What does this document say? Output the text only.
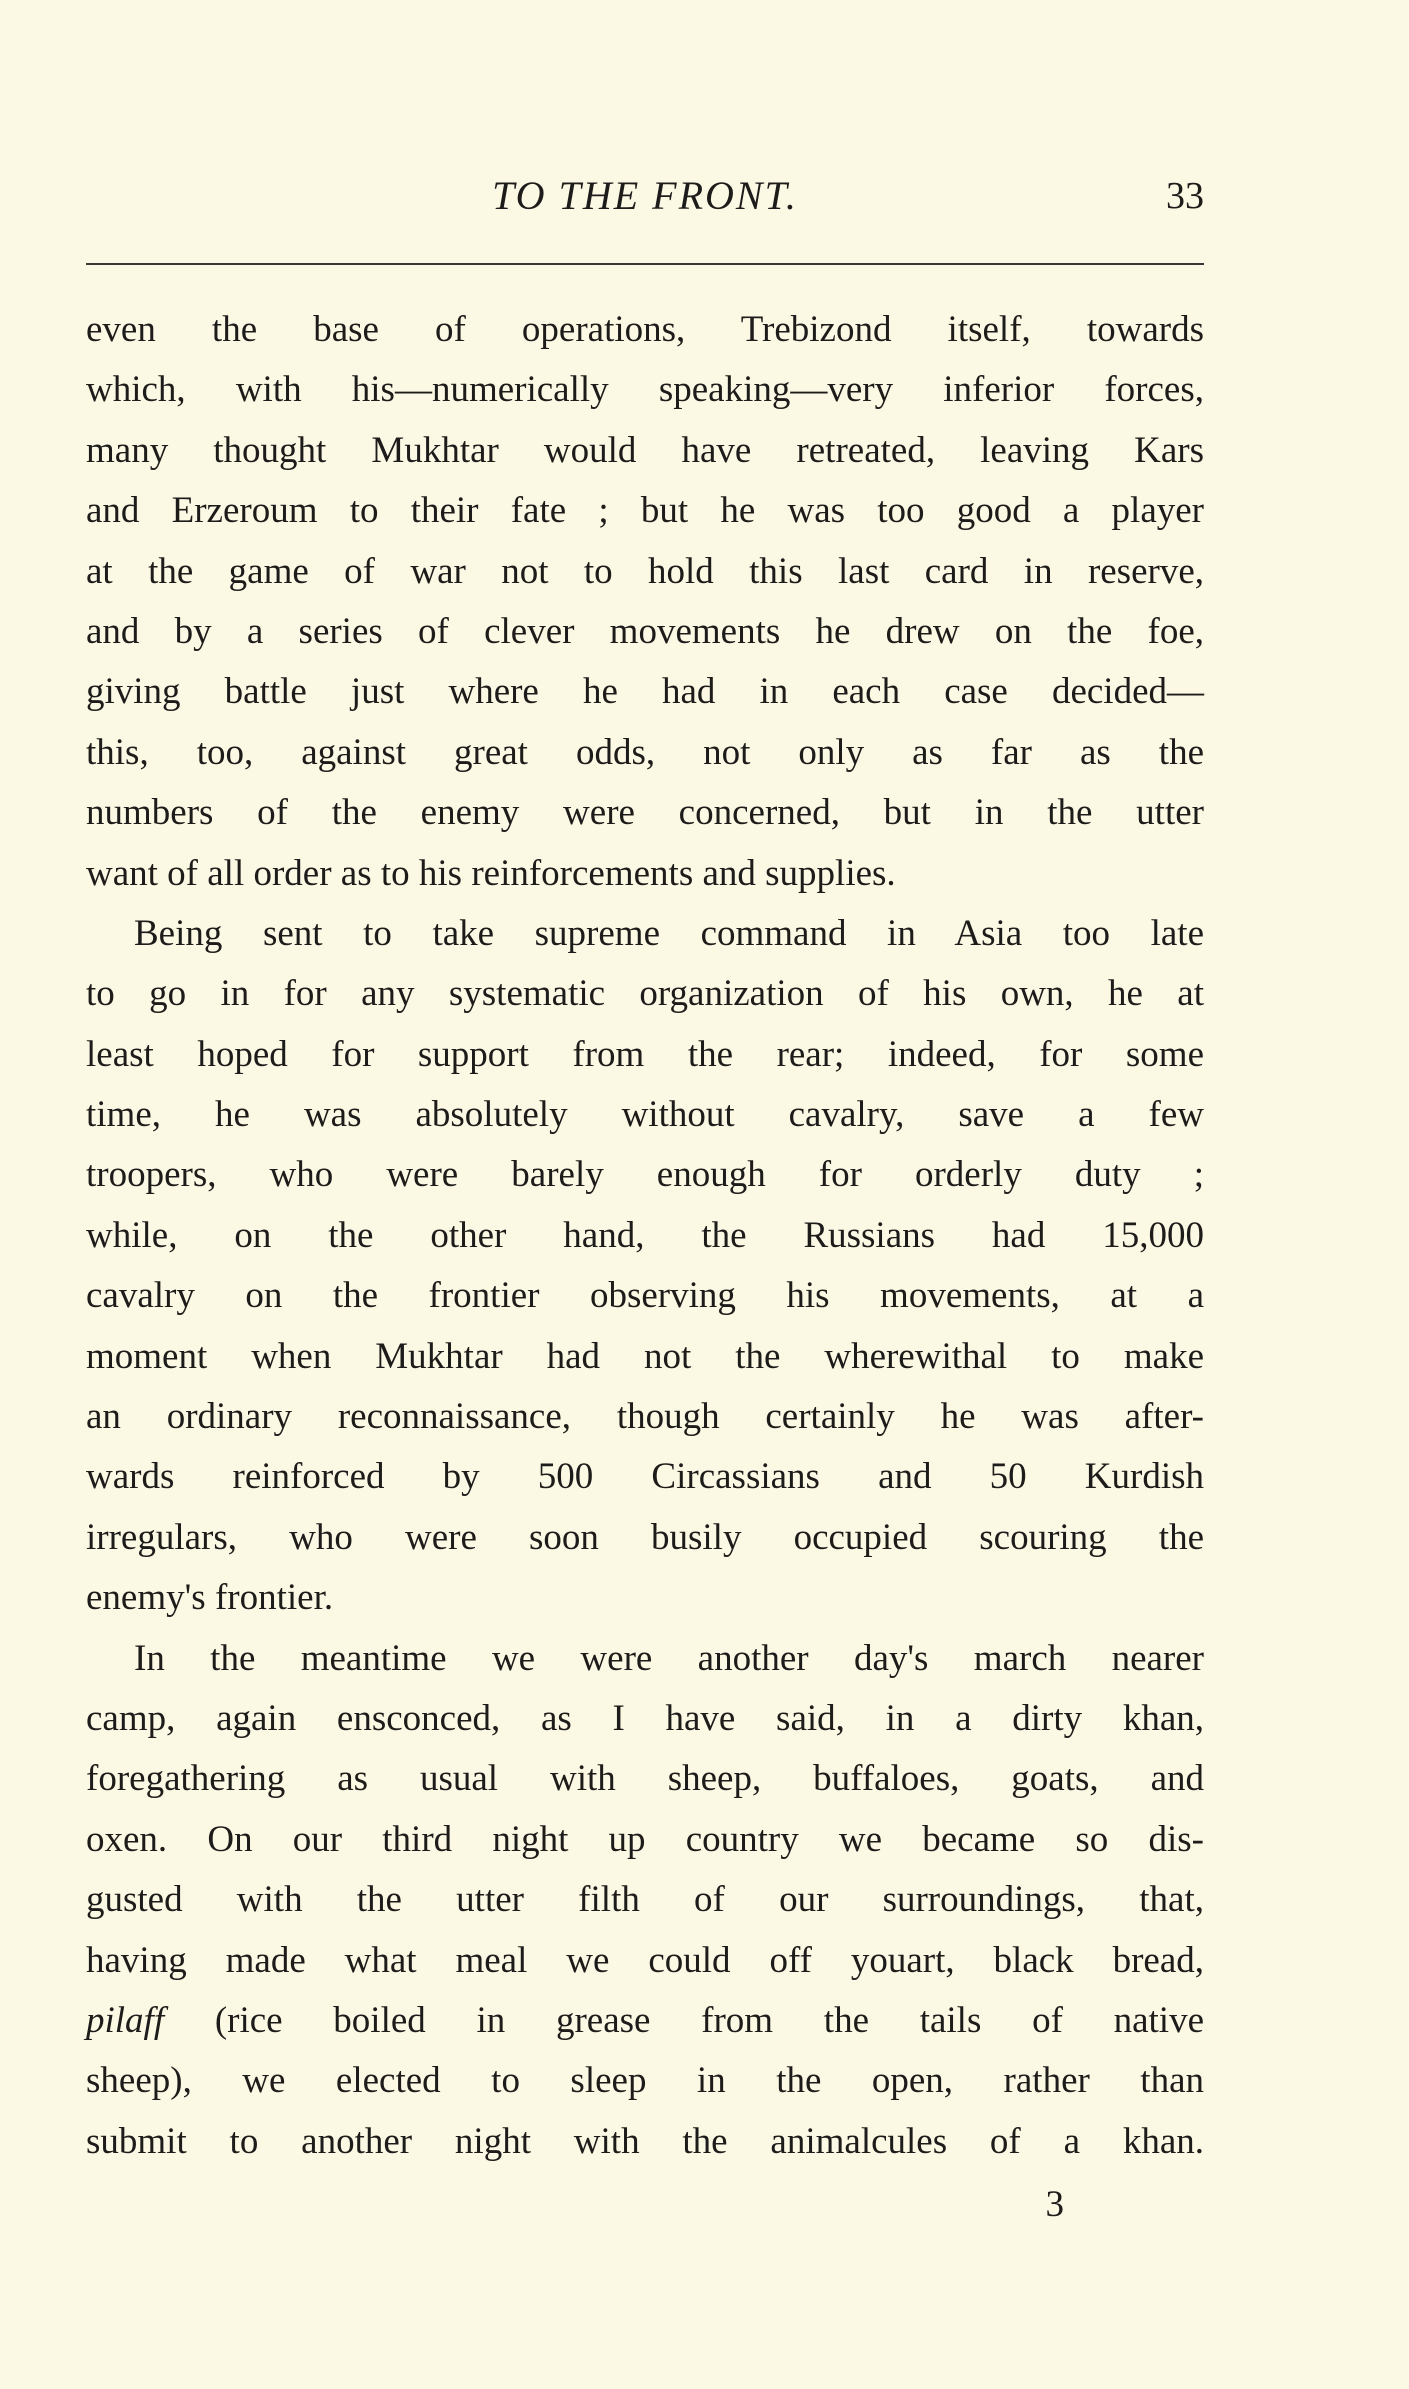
TO THE FRONT.	33
even the base of operations, Trebizond itself, towards
which, with his—numerically speaking—very inferior forces,
many thought Mukhtar would have retreated, leaving Kars
and Erzeroum to their fate ; but he was too good a player
at the game of war not to hold this last card in reserve,
and by a series of clever movements he drew on the foe,
giving battle just where he had in each case decided—
this, too, against great odds, not only as far as the
numbers of the enemy were concerned, but in the utter
want of all order as to his reinforcements and supplies.
Being sent to take supreme command in Asia too late
to go in for any systematic organization of his own, he at
least hoped for support from the rear; indeed, for some
time, he was absolutely without cavalry, save a few
troopers, who were barely enough for orderly duty ;
while, on the other hand, the Russians had 15,000
cavalry on the frontier observing his movements, at a
moment when Mukhtar had not the wherewithal to make
an ordinary reconnaissance, though certainly he was after-
wards reinforced by 500 Circassians and 50 Kurdish
irregulars, who were soon busily occupied scouring the
enemy's frontier.
In the meantime we were another day's march nearer
camp, again ensconced, as I have said, in a dirty khan,
foregathering as usual with sheep, buffaloes, goats, and
oxen. On our third night up country we became so dis-
gusted with the utter filth of our surroundings, that,
having made what meal we could off youart, black bread,
pilaff (rice boiled in grease from the tails of native
sheep), we elected to sleep in the open, rather than
submit to another night with the animalcules of a khan.
3
